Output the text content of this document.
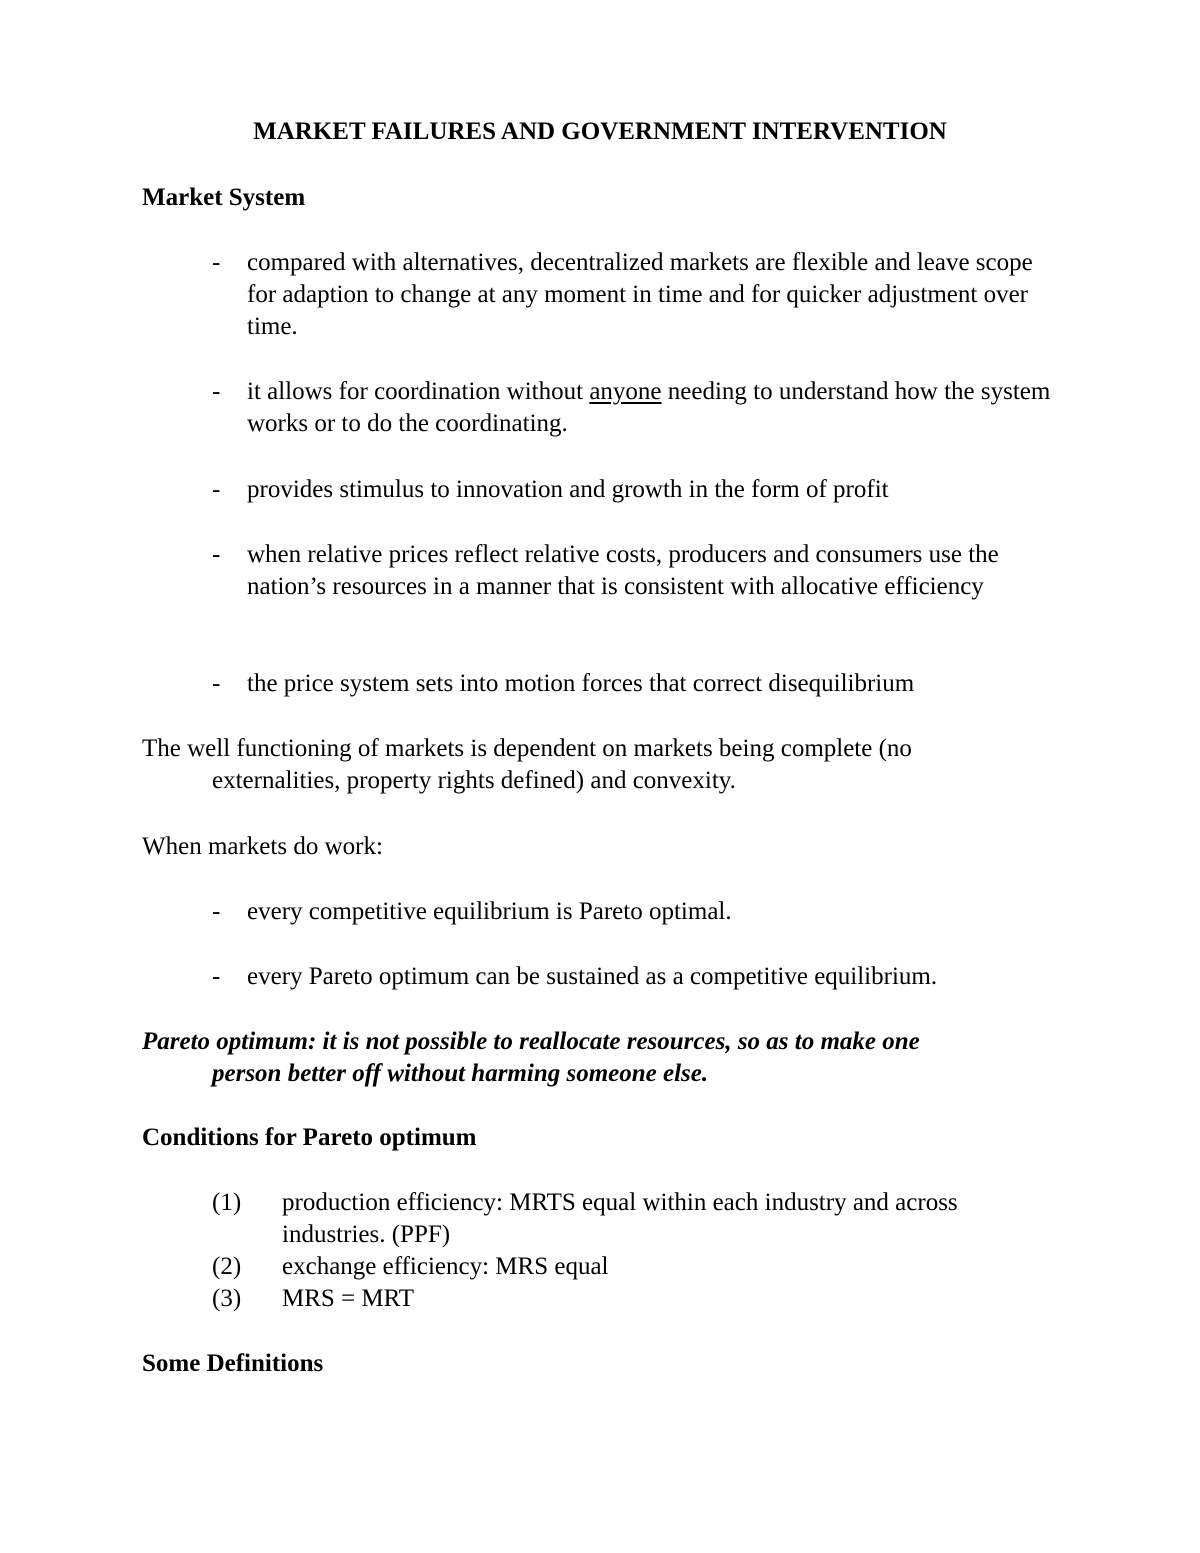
MARKET FAILURES AND GOVERNMENT INTERVENTION
Market System
-	compared with alternatives, decentralized markets are flexible and leave scope for adaption to change at any moment in time and for quicker adjustment over time.
-	it allows for coordination without anyone needing to understand how the system works or to do the coordinating.
-	provides stimulus to innovation and growth in the form of profit
-	when relative prices reflect relative costs, producers and consumers use the nation’s resources in a manner that is consistent with allocative efficiency
-	the price system sets into motion forces that correct disequilibrium
The well functioning of markets is dependent on markets being complete (no
externalities, property rights defined) and convexity.
When markets do work:
-	every competitive equilibrium is Pareto optimal.
-	every Pareto optimum can be sustained as a competitive equilibrium.
Pareto optimum: it is not possible to reallocate resources, so as to make one
person better off without harming someone else.
Conditions for Pareto optimum
(1)	production efficiency: MRTS equal within each industry and across
industries. (PPF)
(2)	exchange efficiency: MRS equal
(3)	MRS = MRT
Some Definitions
